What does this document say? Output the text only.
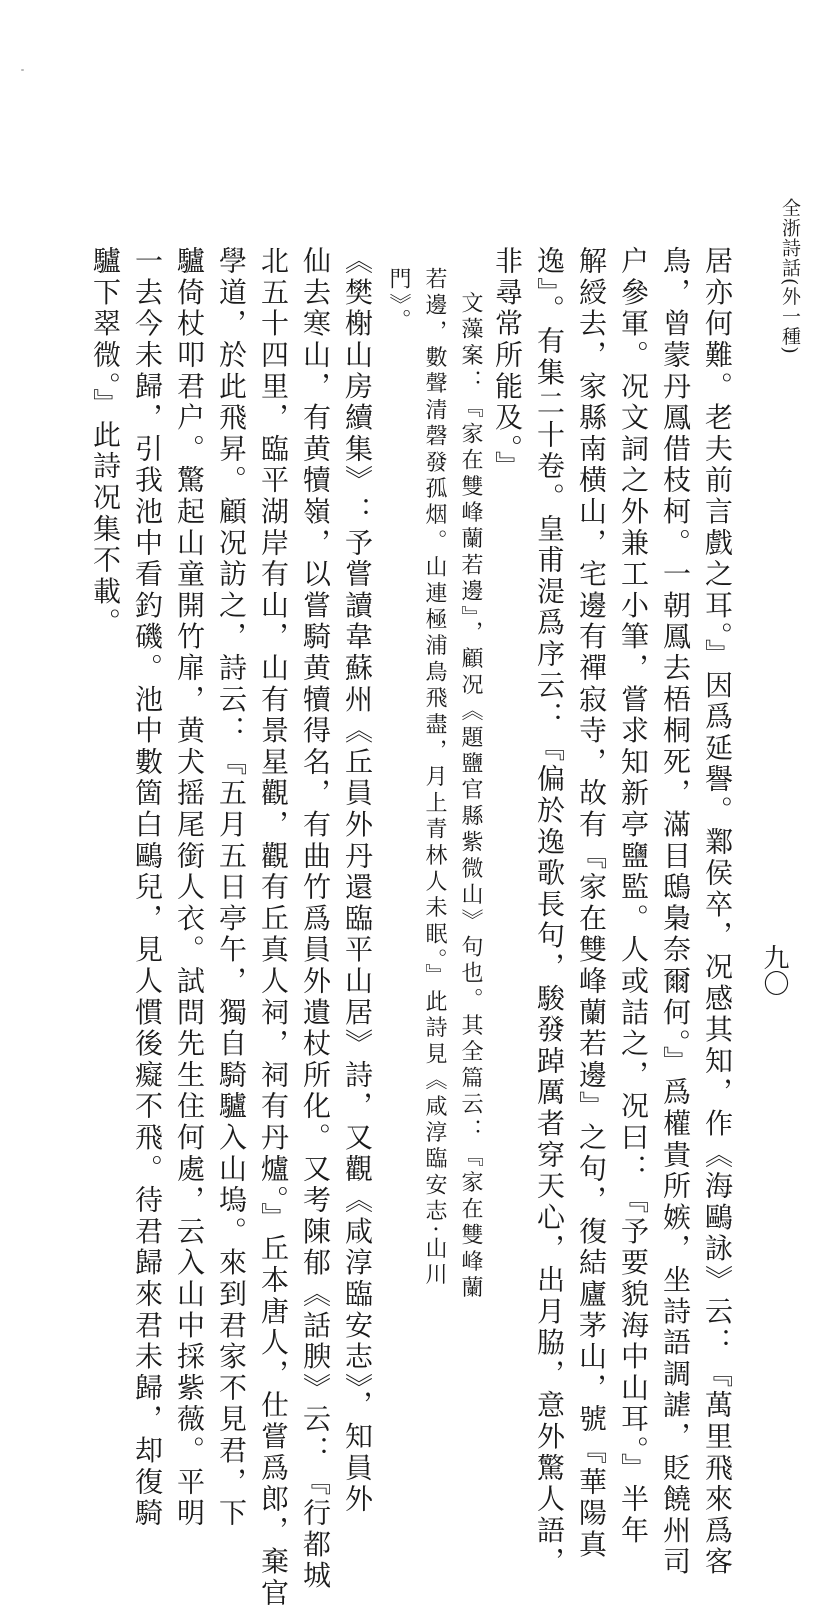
全浙詩話(外一種)
九〇
居亦何難。老夫前言戲之耳。』因爲延譽。鄴侯卒，况感其知，作《海鷗詠》云：『萬里飛來爲客
鳥，曾蒙丹鳳借枝柯。一朝鳳去梧桐死，滿目鴟梟奈爾何。』爲權貴所嫉，坐詩語調謔，貶饒州司
户參軍。况文詞之外兼工小筆，嘗求知新亭鹽監。人或詰之，况曰：『予要貌海中山耳。』半年
解綬去，家縣南横山，宅邊有禪寂寺，故有『家在雙峰蘭若邊』之句，復結廬茅山，號『華陽真
逸』。有集二十卷。皇甫湜爲序云：『偏於逸歌長句，駿發踔厲者穿天心，出月脇，意外驚人語，
非尋常所能及。』
文藻案：『家在雙峰蘭若邊』，顧况《題鹽官縣紫微山》句也。其全篇云：『家在雙峰蘭
若邊，數聲清磬發孤烟。山連極浦鳥飛盡，月上青林人未眠。』此詩見《咸淳臨安志·山川
門》。
《樊榭山房續集》：予嘗讀韋蘇州《丘員外丹還臨平山居》詩，又觀《咸淳臨安志》，知員外
仙去寒山，有黄犢嶺，以嘗騎黄犢得名，有曲竹爲員外遺杖所化。又考陳郁《話腴》云：『行都城
北五十四里，臨平湖岸有山，山有景星觀，觀有丘真人祠，祠有丹爐。』丘本唐人，仕嘗爲郎，棄官
學道，於此飛昇。顧况訪之，詩云：『五月五日亭午，獨自騎驢入山塢。來到君家不見君，下
驢倚杖叩君户。驚起山童開竹扉，黄犬摇尾銜人衣。試問先生住何處，云入山中採紫薇。平明
一去今未歸，引我池中看釣磯。池中數箇白鷗兒，見人慣後癡不飛。待君歸來君未歸，却復騎
驢下翠微。』此詩况集不載。
